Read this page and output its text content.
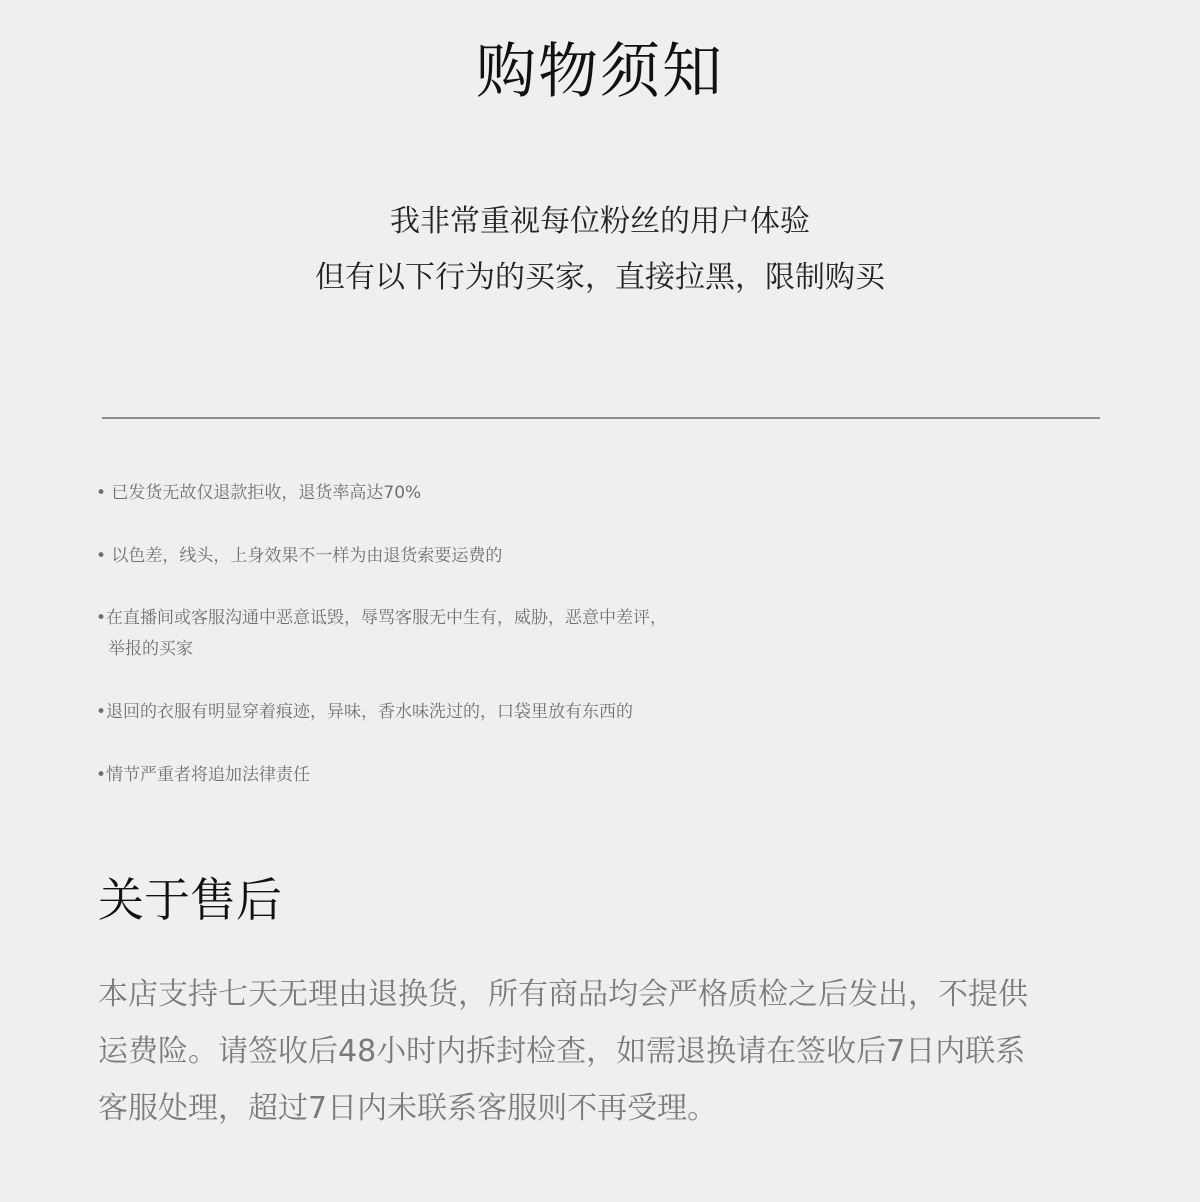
购物须知
我非常重视每位粉丝的用户体验
但有以下行为的买家，直接拉黑，限制购买
• 已发货无故仅退款拒收，退货率高达70%
• 以色差，线头，上身效果不一样为由退货索要运费的
•在直播间或客服沟通中恶意诋毁，辱骂客服无中生有，威胁，恶意中差评，
举报的买家
•退回的衣服有明显穿着痕迹，异味，香水味洗过的，口袋里放有东西的
•情节严重者将追加法律责任
关于售后
本店支持七天无理由退换货，所有商品均会严格质检之后发出，不提供
运费险。请签收后48小时内拆封检查，如需退换请在签收后7日内联系
客服处理，超过7日内未联系客服则不再受理。
